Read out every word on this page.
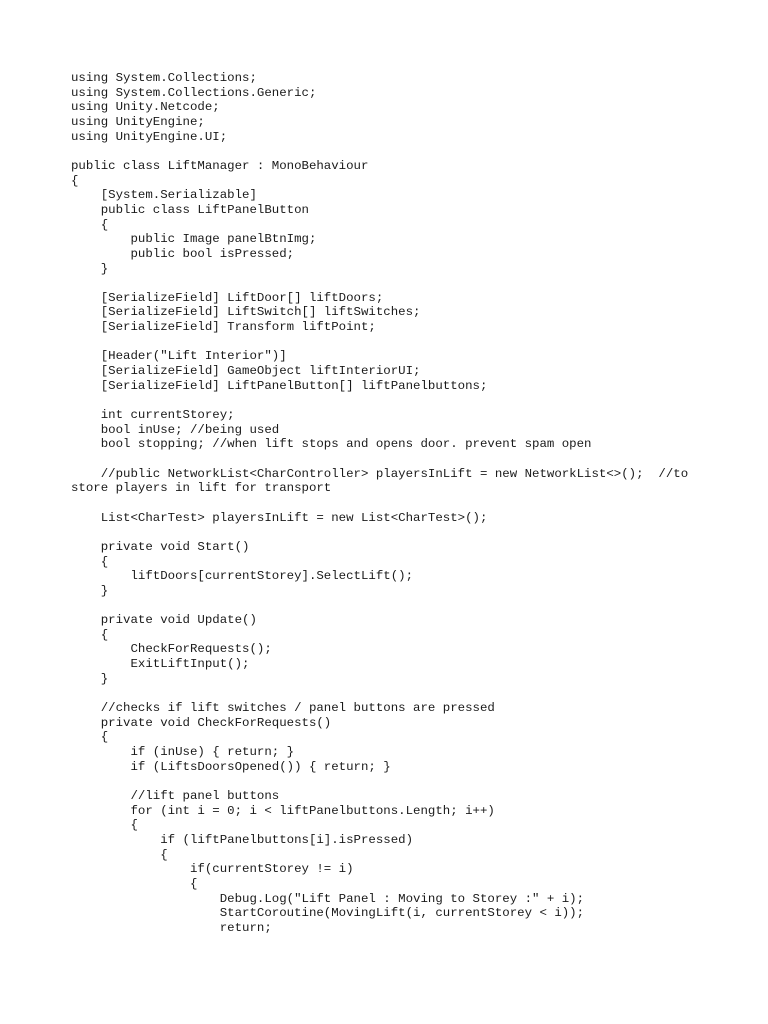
using System.Collections;
using System.Collections.Generic;
using Unity.Netcode;
using UnityEngine;
using UnityEngine.UI;
public class LiftManager : MonoBehaviour
{
[System.Serializable]
public class LiftPanelButton
{
public Image panelBtnImg;
public bool isPressed;
}
[SerializeField] LiftDoor[] liftDoors;
[SerializeField] LiftSwitch[] liftSwitches;
[SerializeField] Transform liftPoint;
[Header("Lift Interior")]
[SerializeField] GameObject liftInteriorUI;
[SerializeField] LiftPanelButton[] liftPanelbuttons;
int currentStorey;
bool inUse; //being used
bool stopping; //when lift stops and opens door. prevent spam open
//public NetworkList<CharController> playersInLift = new NetworkList<>();  //to
store players in lift for transport
List<CharTest> playersInLift = new List<CharTest>();
private void Start()
{
liftDoors[currentStorey].SelectLift();
}
private void Update()
{
CheckForRequests();
ExitLiftInput();
}
//checks if lift switches / panel buttons are pressed
private void CheckForRequests()
{
if (inUse) { return; }
if (LiftsDoorsOpened()) { return; }
//lift panel buttons
for (int i = 0; i < liftPanelbuttons.Length; i++)
{
if (liftPanelbuttons[i].isPressed)
{
if(currentStorey != i)
{
Debug.Log("Lift Panel : Moving to Storey :" + i);
StartCoroutine(MovingLift(i, currentStorey < i));
return;
